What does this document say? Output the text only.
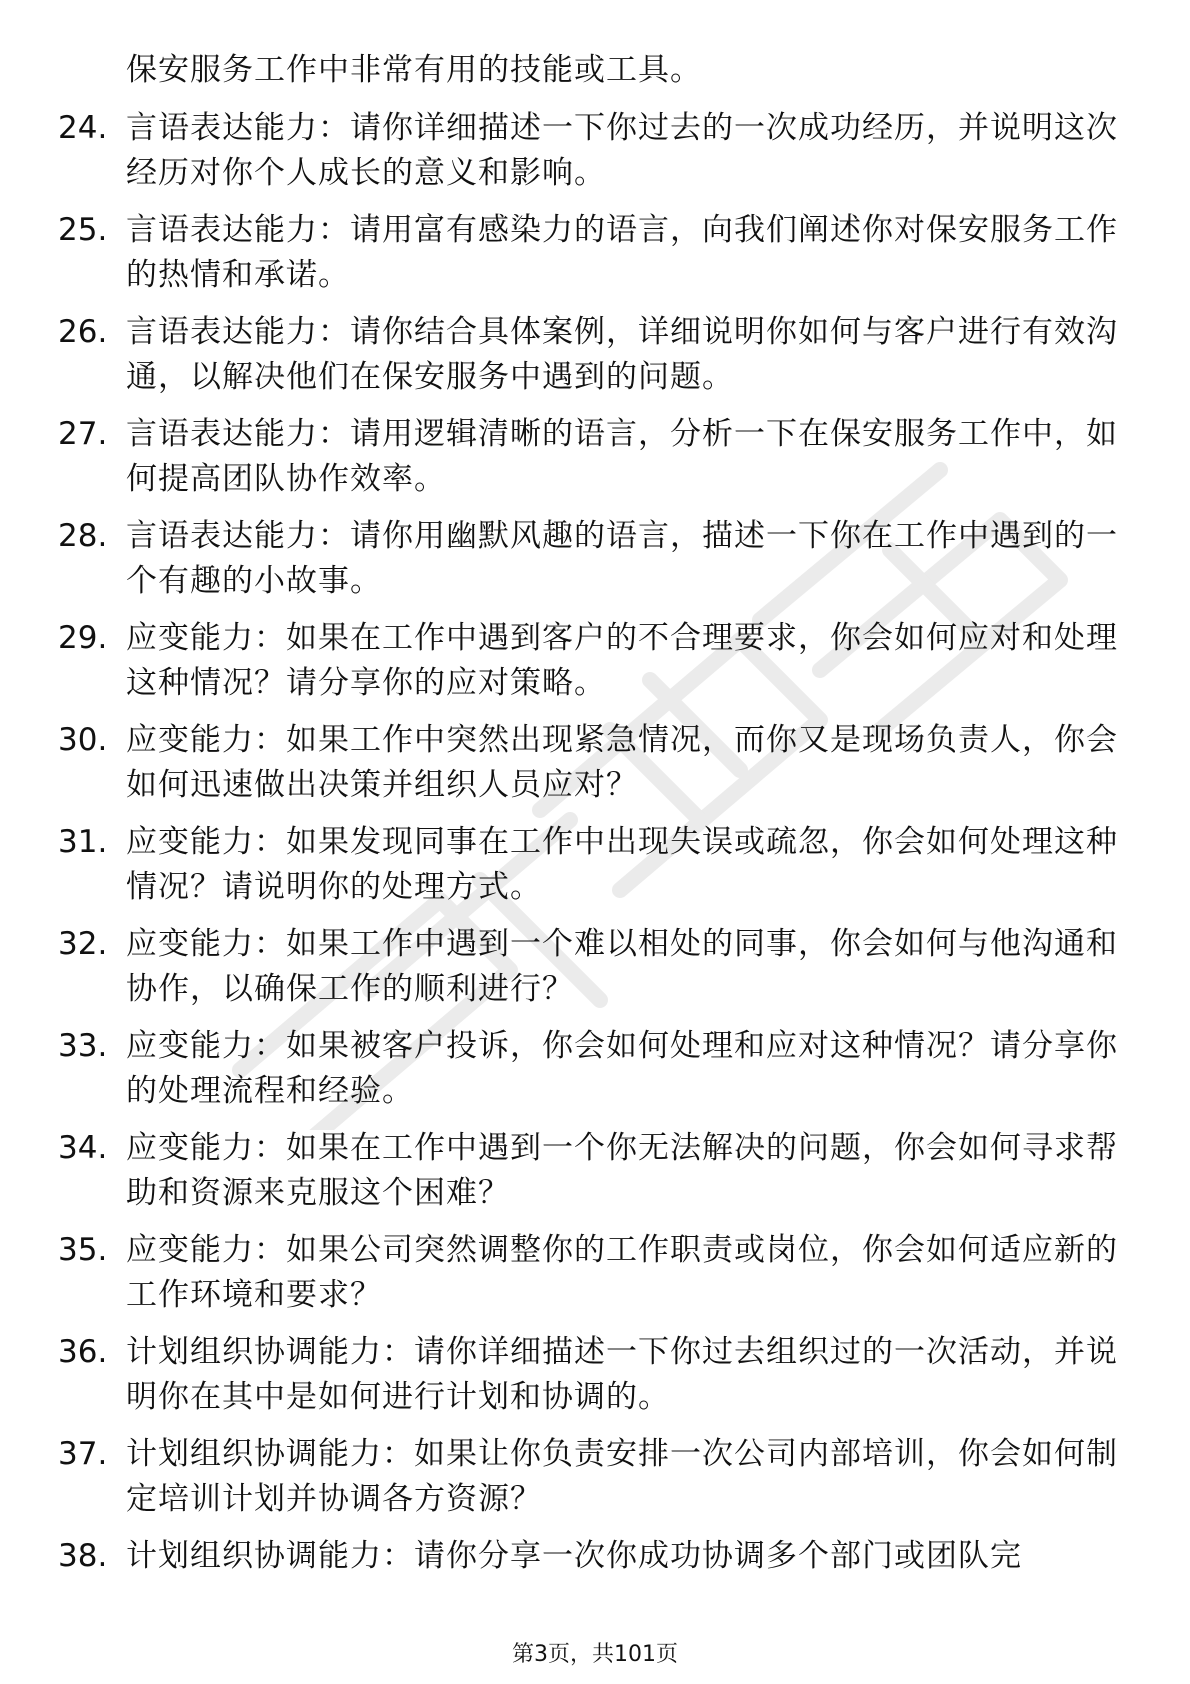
保安服务工作中非常有用的技能或工具。
24. 言语表达能力：请你详细描述一下你过去的一次成功经历，并说明这次经历对你个人成长的意义和影响。
25. 言语表达能力：请用富有感染力的语言，向我们阐述你对保安服务工作的热情和承诺。
26. 言语表达能力：请你结合具体案例，详细说明你如何与客户进行有效沟通，以解决他们在保安服务中遇到的问题。
27. 言语表达能力：请用逻辑清晰的语言，分析一下在保安服务工作中，如何提高团队协作效率。
28. 言语表达能力：请你用幽默风趣的语言，描述一下你在工作中遇到的一个有趣的小故事。
29. 应变能力：如果在工作中遇到客户的不合理要求，你会如何应对和处理这种情况？请分享你的应对策略。
30. 应变能力：如果工作中突然出现紧急情况，而你又是现场负责人，你会如何迅速做出决策并组织人员应对？
31. 应变能力：如果发现同事在工作中出现失误或疏忽，你会如何处理这种情况？请说明你的处理方式。
32. 应变能力：如果工作中遇到一个难以相处的同事，你会如何与他沟通和协作，以确保工作的顺利进行？
33. 应变能力：如果被客户投诉，你会如何处理和应对这种情况？请分享你的处理流程和经验。
34. 应变能力：如果在工作中遇到一个你无法解决的问题，你会如何寻求帮助和资源来克服这个困难？
35. 应变能力：如果公司突然调整你的工作职责或岗位，你会如何适应新的工作环境和要求？
36. 计划组织协调能力：请你详细描述一下你过去组织过的一次活动，并说明你在其中是如何进行计划和协调的。
37. 计划组织协调能力：如果让你负责安排一次公司内部培训，你会如何制定培训计划并协调各方资源？
38. 计划组织协调能力：请你分享一次你成功协调多个部门或团队完
第3页，共101页
